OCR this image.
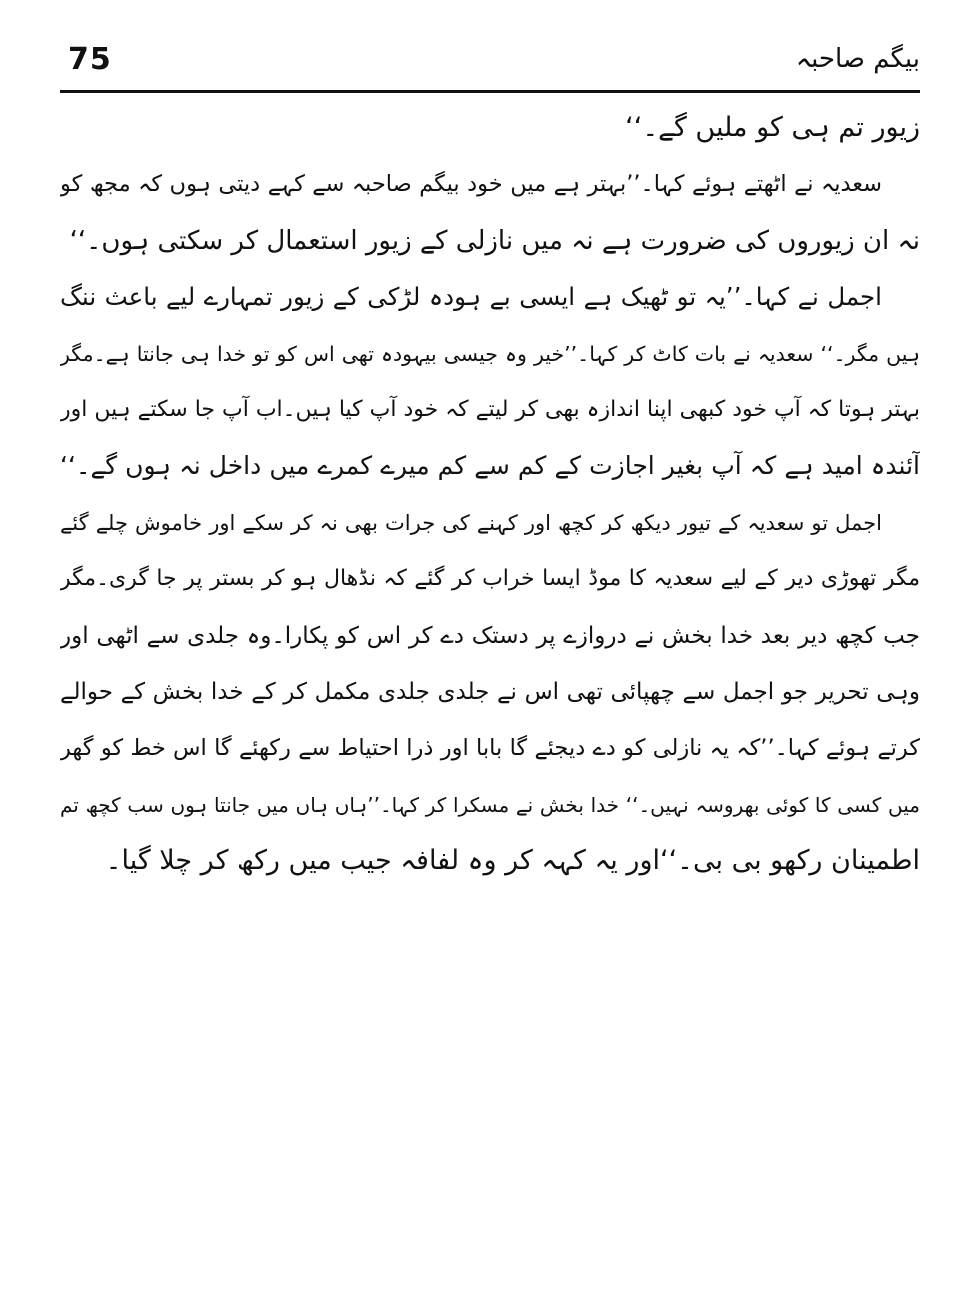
75	بیگم صاحبہ
زیور تم ہی کو ملیں گے۔‘‘
سعدیہ نے اٹھتے ہوئے کہا۔’’بہتر ہے میں خود بیگم صاحبہ سے کہے دیتی ہوں کہ مجھ کو
نہ ان زیوروں کی ضرورت ہے نہ میں نازلی کے زیور استعمال کر سکتی ہوں۔‘‘
اجمل نے کہا۔’’یہ تو ٹھیک ہے ایسی بے ہودہ لڑکی کے زیور تمہارے لیے باعث ننگ
ہیں مگر۔‘‘ سعدیہ نے بات کاٹ کر کہا۔’’خیر وہ جیسی بیہودہ تھی اس کو تو خدا ہی جانتا ہے۔مگر
بہتر ہوتا کہ آپ خود کبھی اپنا اندازہ بھی کر لیتے کہ خود آپ کیا ہیں۔اب آپ جا سکتے ہیں اور
آئندہ امید ہے کہ آپ بغیر اجازت کے کم سے کم میرے کمرے میں داخل نہ ہوں گے۔‘‘
اجمل تو سعدیہ کے تیور دیکھ کر کچھ اور کہنے کی جرات بھی نہ کر سکے اور خاموش چلے گئے
مگر تھوڑی دیر کے لیے سعدیہ کا موڈ ایسا خراب کر گئے کہ نڈھال ہو کر بستر پر جا گری۔مگر
جب کچھ دیر بعد خدا بخش نے دروازے پر دستک دے کر اس کو پکارا۔وہ جلدی سے اٹھی اور
وہی تحریر جو اجمل سے چھپائی تھی اس نے جلدی جلدی مکمل کر کے خدا بخش کے حوالے
کرتے ہوئے کہا۔’’کہ یہ نازلی کو دے دیجئے گا بابا اور ذرا احتیاط سے رکھئے گا اس خط کو گھر
میں کسی کا کوئی بھروسہ نہیں۔‘‘ خدا بخش نے مسکرا کر کہا۔’’ہاں ہاں میں جانتا ہوں سب کچھ تم
اطمینان رکھو بی بی۔‘‘اور یہ کہہ کر وہ لفافہ جیب میں رکھ کر چلا گیا۔
